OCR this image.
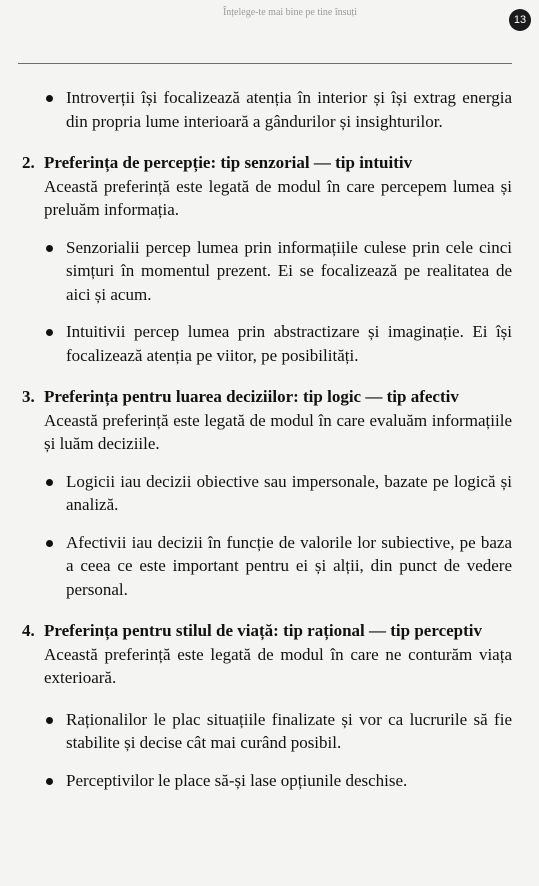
Înțelege-te mai bine pe tine însuți
13
Introverții își focalizează atenția în interior și își extrag energia din propria lume interioară a gândurilor și insighturilor.
2. Preferința de percepție: tip senzorial — tip intuitiv
Această preferință este legată de modul în care percepem lumea și preluăm informația.
Senzorialii percep lumea prin informațiile culese prin cele cinci simțuri în momentul prezent. Ei se focalizează pe realitatea de aici și acum.
Intuitivii percep lumea prin abstractizare și imaginație. Ei își focalizează atenția pe viitor, pe posibilități.
3. Preferința pentru luarea deciziilor: tip logic — tip afectiv
Această preferință este legată de modul în care evaluăm informațiile și luăm deciziile.
Logicii iau decizii obiective sau impersonale, bazate pe logică și analiză.
Afectivii iau decizii în funcție de valorile lor subiective, pe baza a ceea ce este important pentru ei și alții, din punct de vedere personal.
4. Preferința pentru stilul de viață: tip rațional — tip perceptiv
Această preferință este legată de modul în care ne conturăm viața exterioară.
Raționalilor le plac situațiile finalizate și vor ca lucrurile să fie stabilite și decise cât mai curând posibil.
Perceptivilor le place să-și lase opțiunile deschise.
